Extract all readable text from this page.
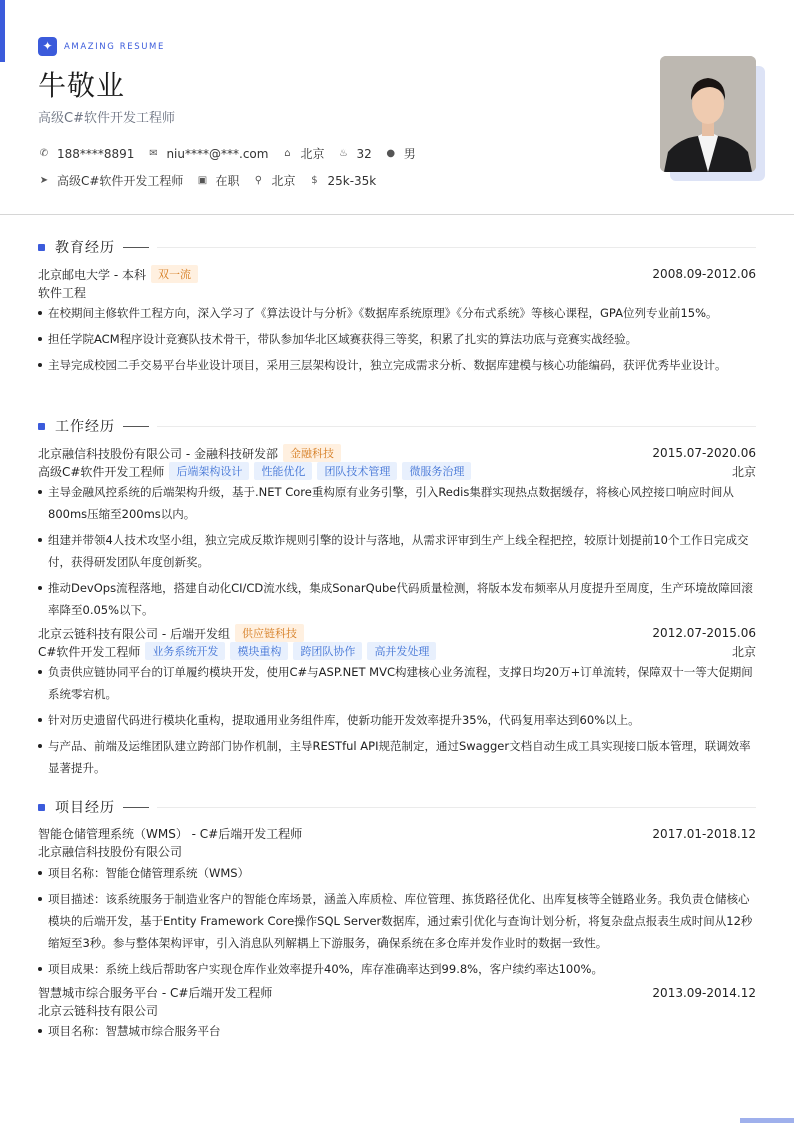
✦	AMAZING RESUME
牛敬业
高级C#软件开发工程师
✆ 188****8891 ✉ niu****@***.com ⌂ 北京 ♨ 32 ● 男
➤ 高级C#软件开发工程师 ▣ 在职 ⚲ 北京 $ 25k-35k
教育经历
北京邮电大学 - 本科	双一流	2008.09-2012.06
软件工程
在校期间主修软件工程方向，深入学习了《算法设计与分析》《数据库系统原理》《分布式系统》等核心课程，GPA位列专业前15%。
担任学院ACM程序设计竞赛队技术骨干，带队参加华北区域赛获得三等奖，积累了扎实的算法功底与竞赛实战经验。
主导完成校园二手交易平台毕业设计项目，采用三层架构设计，独立完成需求分析、数据库建模与核心功能编码，获评优秀毕业设计。
工作经历
北京融信科技股份有限公司 - 金融科技研发部	金融科技	2015.07-2020.06
高级C#软件开发工程师	后端架构设计	性能优化	团队技术管理	微服务治理	北京
主导金融风控系统的后端架构升级，基于.NET Core重构原有业务引擎，引入Redis集群实现热点数据缓存，将核心风控接口响应时间从800ms压缩至200ms以内。
组建并带领4人技术攻坚小组，独立完成反欺诈规则引擎的设计与落地，从需求评审到生产上线全程把控，较原计划提前10个工作日完成交付，获得研发团队年度创新奖。
推动DevOps流程落地，搭建自动化CI/CD流水线，集成SonarQube代码质量检测，将版本发布频率从月度提升至周度，生产环境故障回滚率降至0.05%以下。
北京云链科技有限公司 - 后端开发组	供应链科技	2012.07-2015.06
C#软件开发工程师	业务系统开发	模块重构	跨团队协作	高并发处理	北京
负责供应链协同平台的订单履约模块开发，使用C#与ASP.NET MVC构建核心业务流程，支撑日均20万+订单流转，保障双十一等大促期间系统零宕机。
针对历史遗留代码进行模块化重构，提取通用业务组件库，使新功能开发效率提升35%，代码复用率达到60%以上。
与产品、前端及运维团队建立跨部门协作机制，主导RESTful API规范制定，通过Swagger文档自动生成工具实现接口版本管理，联调效率显著提升。
项目经历
智能仓储管理系统（WMS） - C#后端开发工程师	2017.01-2018.12
北京融信科技股份有限公司
项目名称：智能仓储管理系统（WMS）
项目描述：该系统服务于制造业客户的智能仓库场景，涵盖入库质检、库位管理、拣货路径优化、出库复核等全链路业务。我负责仓储核心模块的后端开发，基于Entity Framework Core操作SQL Server数据库，通过索引优化与查询计划分析，将复杂盘点报表生成时间从12秒缩短至3秒。参与整体架构评审，引入消息队列解耦上下游服务，确保系统在多仓库并发作业时的数据一致性。
项目成果：系统上线后帮助客户实现仓库作业效率提升40%，库存准确率达到99.8%，客户续约率达100%。
智慧城市综合服务平台 - C#后端开发工程师	2013.09-2014.12
北京云链科技有限公司
项目名称：智慧城市综合服务平台
